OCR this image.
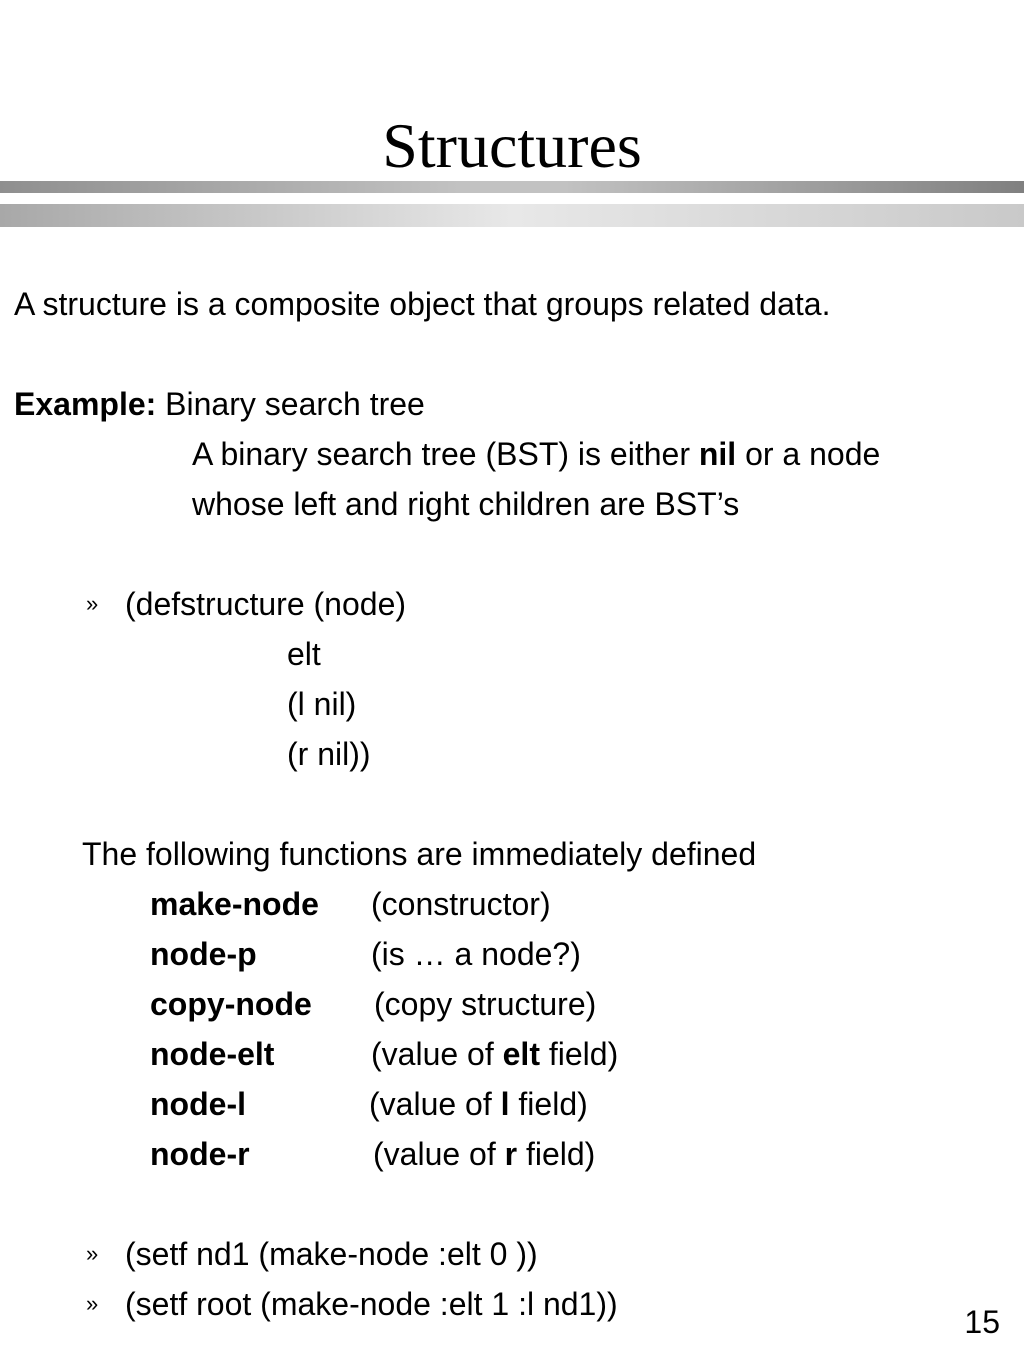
Structures
A structure is a composite object that groups related data.
Example: Binary search tree
A binary search tree (BST) is either nil or a node
whose left and right children are BST’s
» (defstructure (node)
elt
(l nil)
(r nil))
The following functions are immediately defined
make-node (constructor)
node-p	(is … a node?)
copy-node (copy structure)
node-elt	(value of elt field)
node-l	(value of l field)
node-r	(value of r field)
» (setf nd1 (make-node :elt 0 ))
» (setf root (make-node :elt 1 :l nd1))	15
